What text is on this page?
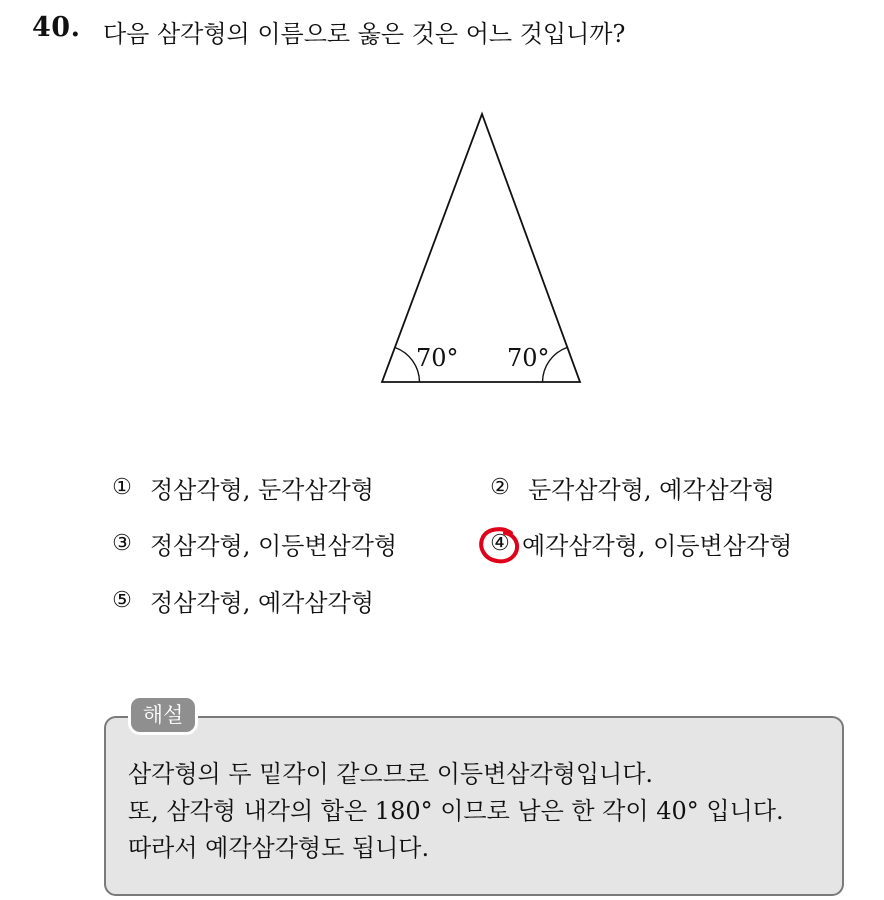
40. 다음 삼각형의 이름으로 옳은 것은 어느 것입니까?
70° 70°
① 정삼각형, 둔각삼각형	② 둔각삼각형, 예각삼각형
③ 정삼각형, 이등변삼각형	④ 예각삼각형, 이등변삼각형
⑤ 정삼각형, 예각삼각형
해설
삼각형의 두 밑각이 같으므로 이등변삼각형입니다.
또, 삼각형 내각의 합은 180° 이므로 남은 한 각이 40° 입니다.
따라서 예각삼각형도 됩니다.
